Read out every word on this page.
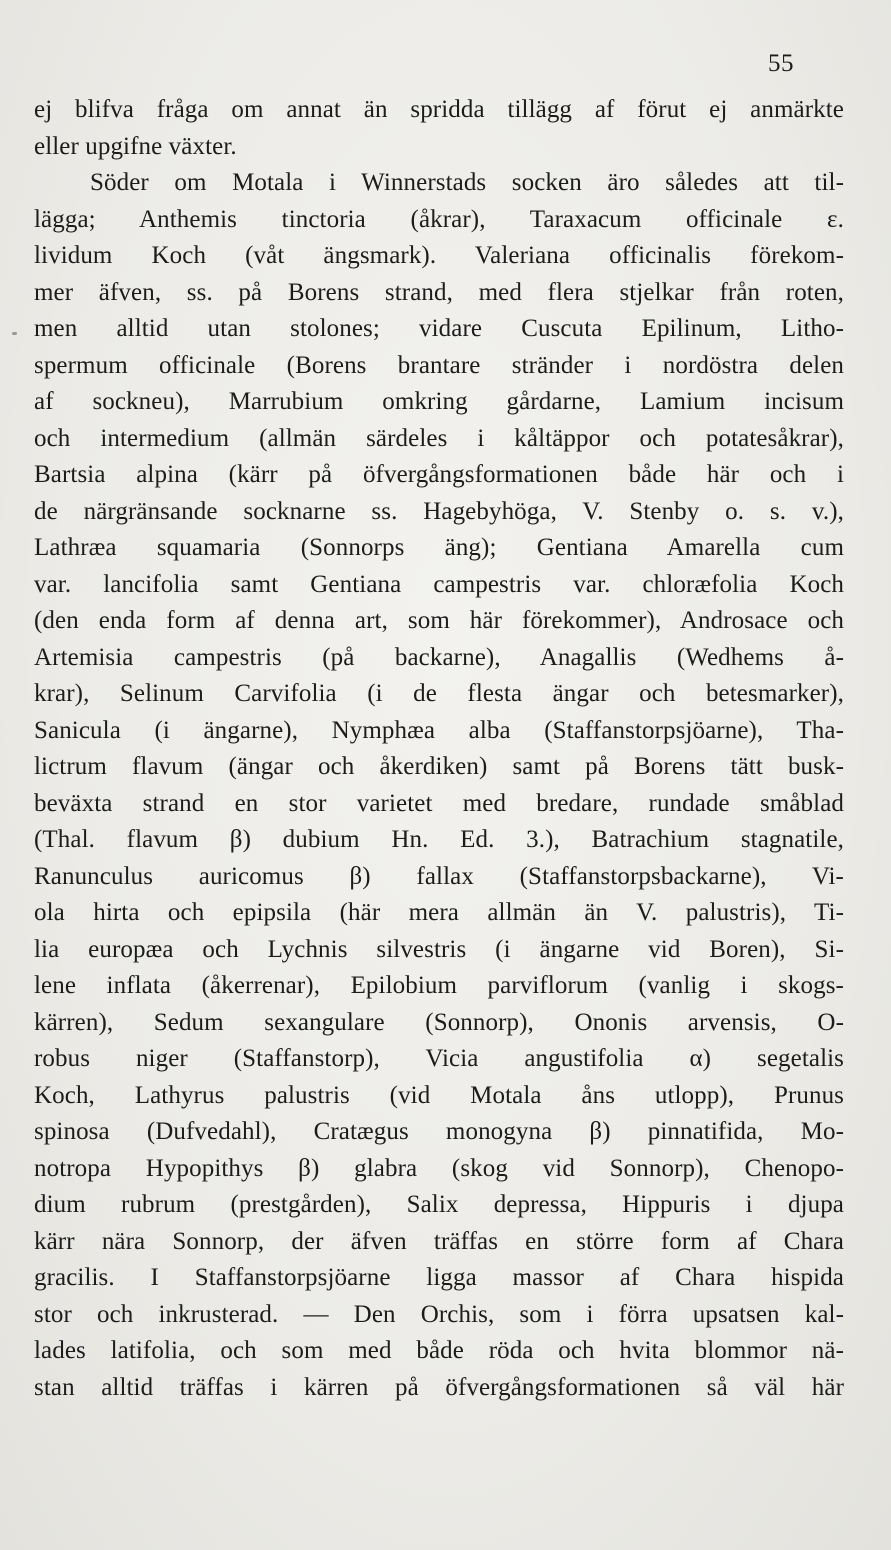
55
ej blifva fråga om annat än spridda tillägg af förut ej anmärkte
eller upgifne växter.
Söder om Motala i Winnerstads socken äro således att til-
lägga; Anthemis tinctoria (åkrar), Taraxacum officinale ε.
lividum Koch (våt ängsmark). Valeriana officinalis förekom-
mer äfven, ss. på Borens strand, med flera stjelkar från roten,
men alltid utan stolones; vidare Cuscuta Epilinum, Litho-
spermum officinale (Borens brantare stränder i nordöstra delen
af sockneu), Marrubium omkring gårdarne, Lamium incisum
och intermedium (allmän särdeles i kåltäppor och potatesåkrar),
Bartsia alpina (kärr på öfvergångsformationen både här och i
de närgränsande socknarne ss. Hagebyhöga, V. Stenby o. s. v.),
Lathræa squamaria (Sonnorps äng); Gentiana Amarella cum
var. lancifolia samt Gentiana campestris var. chloræfolia Koch
(den enda form af denna art, som här förekommer), Androsace och
Artemisia campestris (på backarne), Anagallis (Wedhems å-
krar), Selinum Carvifolia (i de flesta ängar och betesmarker),
Sanicula (i ängarne), Nymphæa alba (Staffanstorpsjöarne), Tha-
lictrum flavum (ängar och åkerdiken) samt på Borens tätt busk-
beväxta strand en stor varietet med bredare, rundade småblad
(Thal. flavum β) dubium Hn. Ed. 3.), Batrachium stagnatile,
Ranunculus auricomus β) fallax (Staffanstorpsbackarne), Vi-
ola hirta och epipsila (här mera allmän än V. palustris), Ti-
lia europæa och Lychnis silvestris (i ängarne vid Boren), Si-
lene inflata (åkerrenar), Epilobium parviflorum (vanlig i skogs-
kärren), Sedum sexangulare (Sonnorp), Ononis arvensis, O-
robus niger (Staffanstorp), Vicia angustifolia α) segetalis
Koch, Lathyrus palustris (vid Motala åns utlopp), Prunus
spinosa (Dufvedahl), Cratægus monogyna β) pinnatifida, Mo-
notropa Hypopithys β) glabra (skog vid Sonnorp), Chenopo-
dium rubrum (prestgården), Salix depressa, Hippuris i djupa
kärr nära Sonnorp, der äfven träffas en större form af Chara
gracilis. I Staffanstorpsjöarne ligga massor af Chara hispida
stor och inkrusterad. — Den Orchis, som i förra upsatsen kal-
lades latifolia, och som med både röda och hvita blommor nä-
stan alltid träffas i kärren på öfvergångsformationen så väl här
